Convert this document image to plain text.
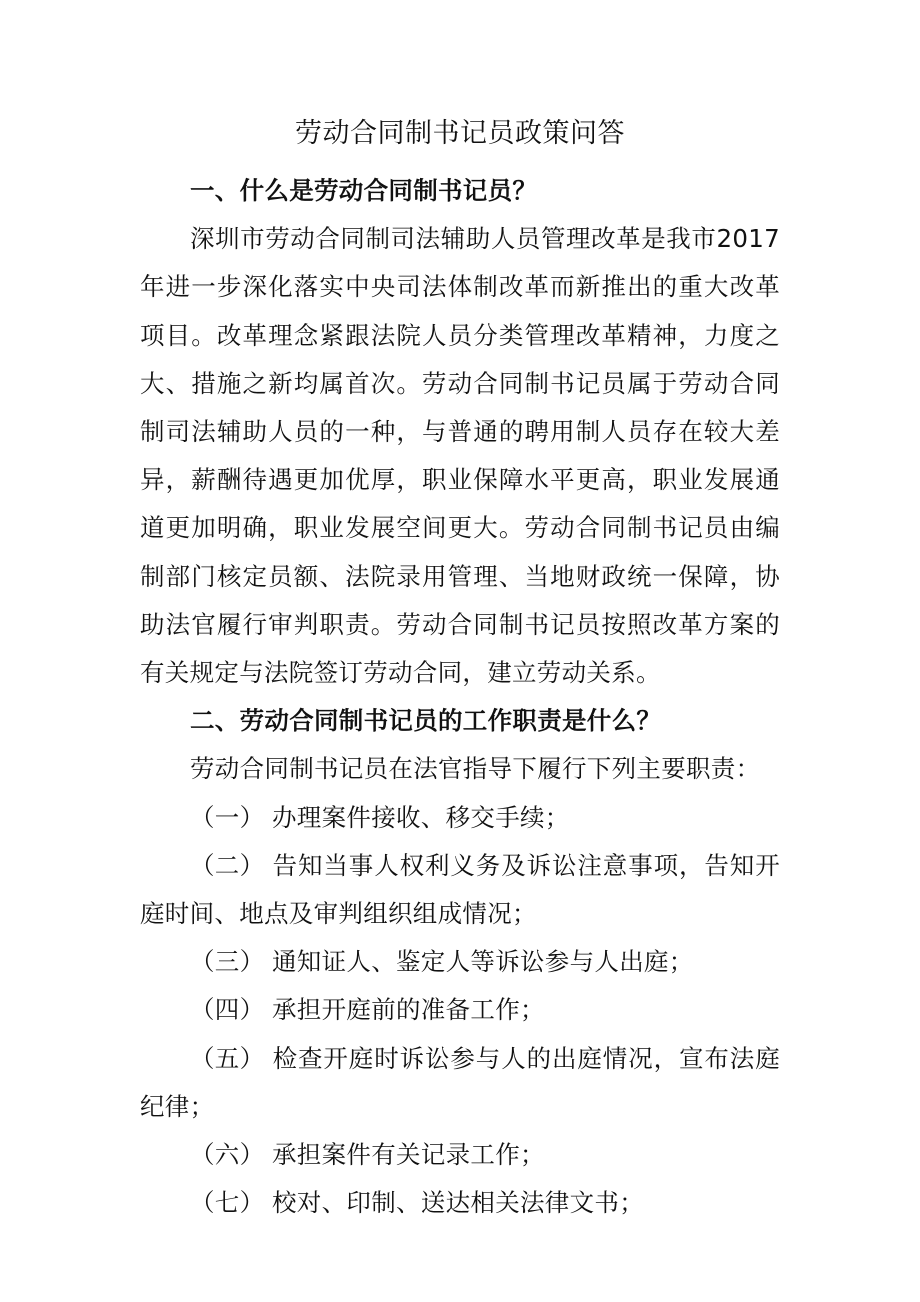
劳动合同制书记员政策问答

一、什么是劳动合同制书记员？

深圳市劳动合同制司法辅助人员管理改革是我市2017年进一步深化落实中央司法体制改革而新推出的重大改革项目。改革理念紧跟法院人员分类管理改革精神，力度之大、措施之新均属首次。劳动合同制书记员属于劳动合同制司法辅助人员的一种，与普通的聘用制人员存在较大差异，薪酬待遇更加优厚，职业保障水平更高，职业发展通道更加明确，职业发展空间更大。劳动合同制书记员由编制部门核定员额、法院录用管理、当地财政统一保障，协助法官履行审判职责。劳动合同制书记员按照改革方案的有关规定与法院签订劳动合同，建立劳动关系。

二、劳动合同制书记员的工作职责是什么？

劳动合同制书记员在法官指导下履行下列主要职责：

（一） 办理案件接收、移交手续；

（二） 告知当事人权利义务及诉讼注意事项，告知开庭时间、地点及审判组织组成情况；

（三） 通知证人、鉴定人等诉讼参与人出庭；

（四） 承担开庭前的准备工作；

（五） 检查开庭时诉讼参与人的出庭情况，宣布法庭纪律；

（六） 承担案件有关记录工作；

（七） 校对、印制、送达相关法律文书；
